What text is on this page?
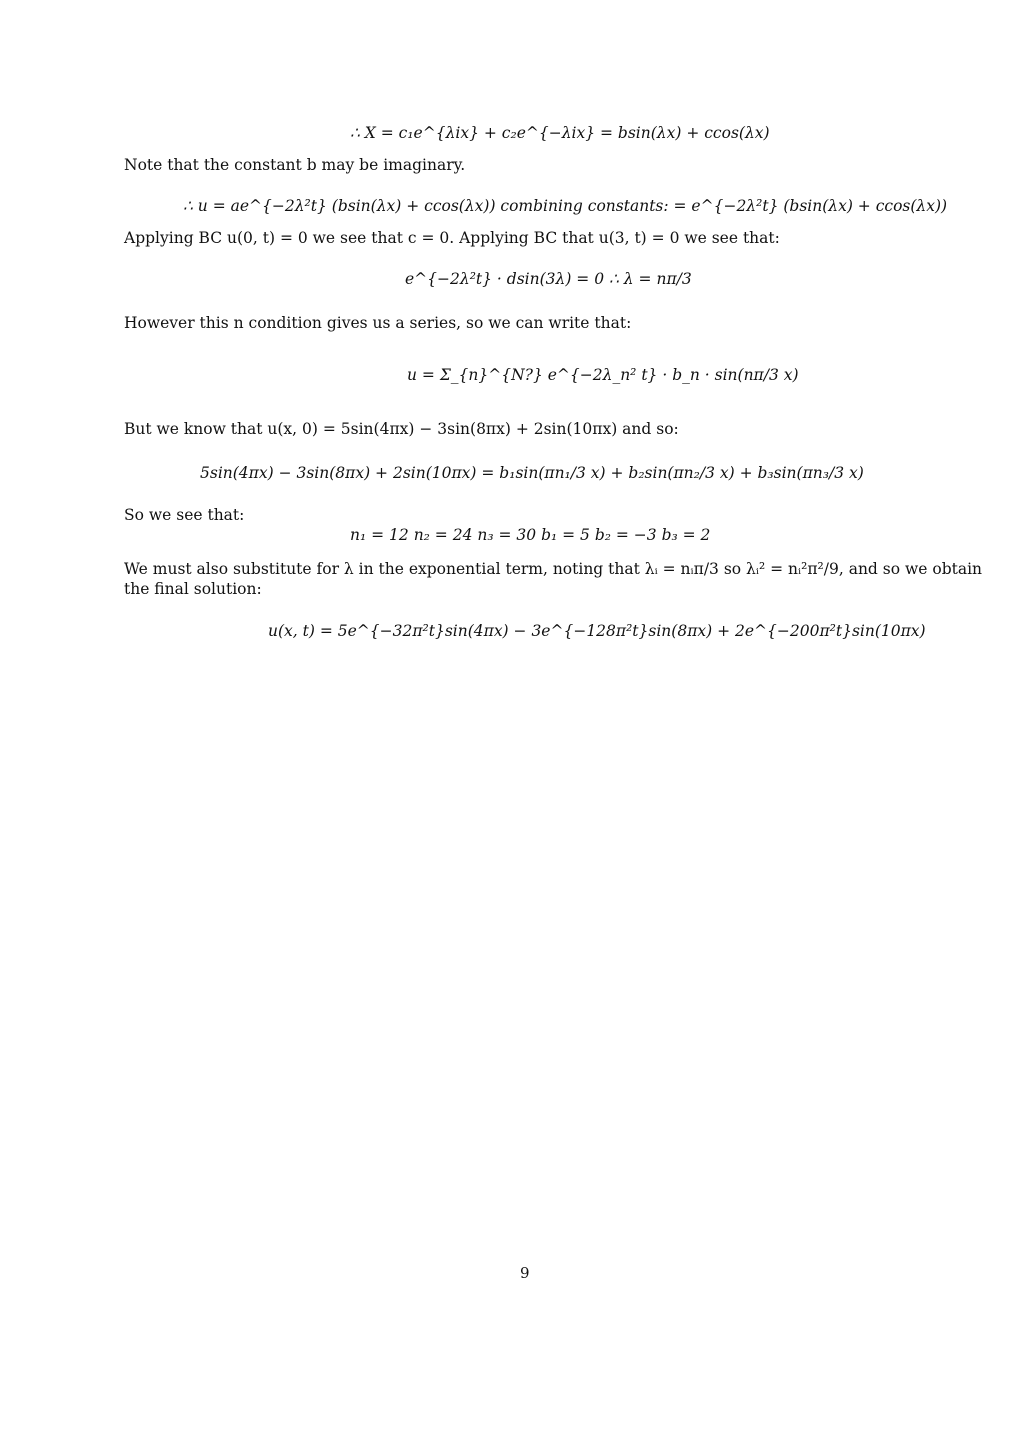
∴ X = c₁e^{λix} + c₂e^{−λix} = bsin(λx) + ccos(λx)
Note that the constant b may be imaginary.
∴ u = ae^{−2λ²t} (bsin(λx) + ccos(λx)) combining constants: = e^{−2λ²t} (bsin(λx) + ccos(λx))
Applying BC u(0, t) = 0 we see that c = 0. Applying BC that u(3, t) = 0 we see that:
e^{−2λ²t} · dsin(3λ) = 0 ∴ λ = nπ/3
However this n condition gives us a series, so we can write that:
u = Σ_{n}^{N?} e^{−2λ_n² t} · b_n · sin(nπ/3 x)
But we know that u(x, 0) = 5sin(4πx) − 3sin(8πx) + 2sin(10πx) and so:
5sin(4πx) − 3sin(8πx) + 2sin(10πx) = b₁sin(πn₁/3 x) + b₂sin(πn₂/3 x) + b₃sin(πn₃/3 x)
So we see that:
n₁ = 12 n₂ = 24 n₃ = 30 b₁ = 5 b₂ = −3 b₃ = 2
We must also substitute for λ in the exponential term, noting that λᵢ = nᵢπ/3 so λᵢ² = nᵢ²π²/9, and so we obtain
the final solution:
u(x, t) = 5e^{−32π²t}sin(4πx) − 3e^{−128π²t}sin(8πx) + 2e^{−200π²t}sin(10πx)
9
